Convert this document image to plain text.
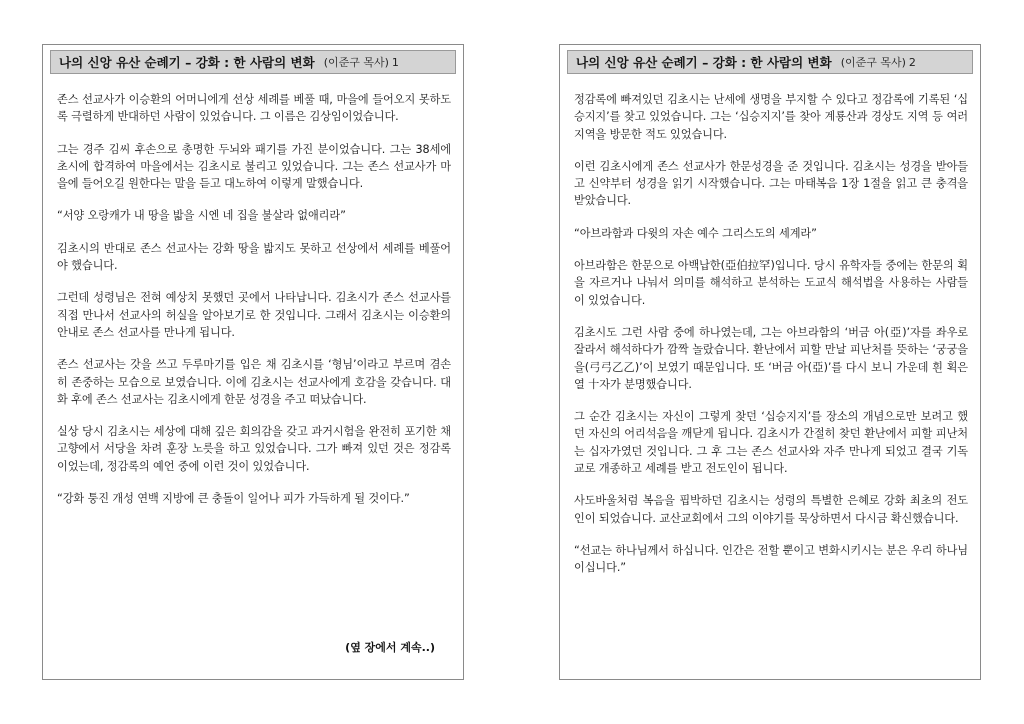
나의 신앙 유산 순례기 – 강화 : 한 사람의 변화 (이준구 목사) 1

존스 선교사가 이승환의 어머니에게 선상 세례를 베풀 때, 마을에 들어오지 못하도록 극렬하게 반대하던 사람이 있었습니다. 그 이름은 김상임이었습니다.

그는 경주 김씨 후손으로 총명한 두뇌와 패기를 가진 분이었습니다. 그는 38세에 초시에 합격하여 마을에서는 김초시로 불리고 있었습니다. 그는 존스 선교사가 마을에 들어오길 원한다는 말을 듣고 대노하여 이렇게 말했습니다.

“서양 오랑캐가 내 땅을 밟을 시엔 네 집을 불살라 없애리라”

김초시의 반대로 존스 선교사는 강화 땅을 밟지도 못하고 선상에서 세례를 베풀어야 했습니다.

그런데 성령님은 전혀 예상치 못했던 곳에서 나타납니다. 김초시가 존스 선교사를 직접 만나서 선교사의 허실을 알아보기로 한 것입니다. 그래서 김초시는 이승환의 안내로 존스 선교사를 만나게 됩니다.

존스 선교사는 갓을 쓰고 두루마기를 입은 채 김초시를 ‘형님’이라고 부르며 겸손히 존중하는 모습으로 보였습니다. 이에 김초시는 선교사에게 호감을 갖습니다. 대화 후에 존스 선교사는 김초시에게 한문 성경을 주고 떠났습니다.

실상 당시 김초시는 세상에 대해 깊은 회의감을 갖고 과거시험을 완전히 포기한 채 고향에서 서당을 차려 훈장 노릇을 하고 있었습니다. 그가 빠져 있던 것은 정감록이었는데, 정감록의 예언 중에 이런 것이 있었습니다.

“강화 퉁진 개성 연백 지방에 큰 충돌이 일어나 피가 가득하게 될 것이다.”

(옆 장에서 계속..)
나의 신앙 유산 순례기 – 강화 : 한 사람의 변화 (이준구 목사) 2

정감록에 빠져있던 김초시는 난세에 생명을 부지할 수 있다고 정감록에 기록된 ‘십승지지’를 찾고 있었습니다. 그는 ‘십승지지’를 찾아 계룡산과 경상도 지역 등 여러 지역을 방문한 적도 있었습니다.

이런 김초시에게 존스 선교사가 한문성경을 준 것입니다. 김초시는 성경을 받아들고 신약부터 성경을 읽기 시작했습니다. 그는 마태복음 1장 1절을 읽고 큰 충격을 받았습니다.

“아브라함과 다윗의 자손 예수 그리스도의 세계라”

아브라함은 한문으로 아백납한(亞伯拉罕)입니다. 당시 유학자들 중에는 한문의 획을 자르거나 나눠서 의미를 해석하고 분석하는 도교식 해석법을 사용하는 사람들이 있었습니다.

김초시도 그런 사람 중에 하나였는데, 그는 아브라함의 ‘버금 아(亞)’자를 좌우로 잘라서 해석하다가 깜짝 놀랐습니다. 환난에서 피할 만날 피난처를 뜻하는 ‘궁궁을을(弓弓乙乙)’이 보였기 때문입니다. 또 ‘버금 아(亞)’를 다시 보니 가운데 흰 획은 열 十자가 분명했습니다.

그 순간 김초시는 자신이 그렇게 찾던 ‘십승지지’를 장소의 개념으로만 보려고 했던 자신의 어리석음을 깨닫게 됩니다. 김초시가 간절히 찾던 환난에서 피할 피난처는 십자가였던 것입니다. 그 후 그는 존스 선교사와 자주 만나게 되었고 결국 기독교로 개종하고 세례를 받고 전도인이 됩니다.

사도바울처럼 복음을 핍박하던 김초시는 성령의 특별한 은혜로 강화 최초의 전도인이 되었습니다. 교산교회에서 그의 이야기를 묵상하면서 다시금 확신했습니다.

“선교는 하나님께서 하십니다. 인간은 전할 뿐이고 변화시키시는 분은 우리 하나님이십니다.”
